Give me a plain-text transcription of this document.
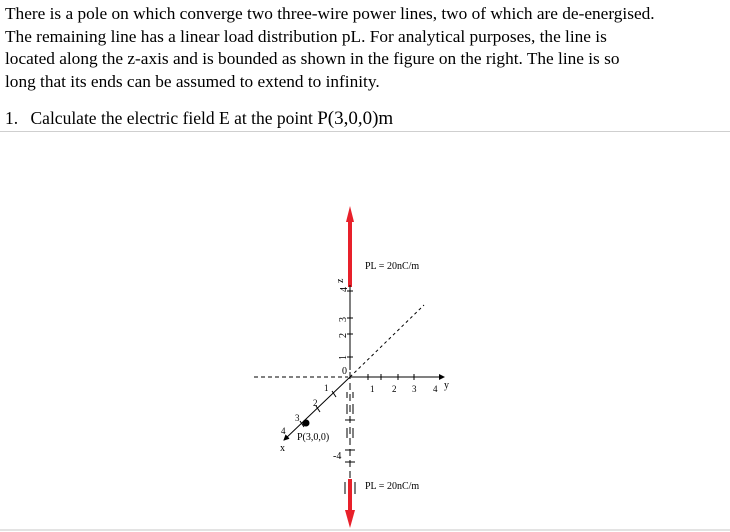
There is a pole on which converge two three-wire power lines, two of which are de-energised.
The remaining line has a linear load distribution pL. For analytical purposes, the line is
located along the z-axis and is bounded as shown in the figure on the right. The line is so
long that its ends can be assumed to extend to infinity.
1. Calculate the electric field E at the point P(3,0,0)m
z
4
3
2
1
0
-4
1 2 3 4 y
1
2
3
4
x
P(3,0,0)
PL = 20nC/m
PL = 20nC/m
